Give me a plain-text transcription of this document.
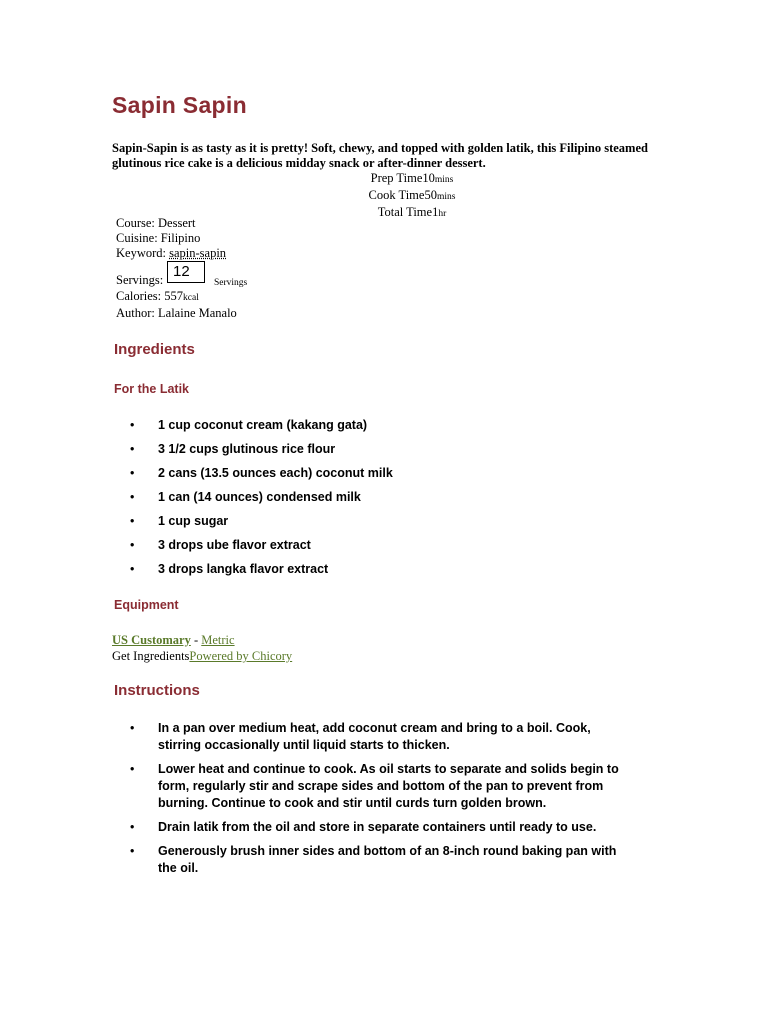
Sapin Sapin
Sapin-Sapin is as tasty as it is pretty! Soft, chewy, and topped with golden latik, this Filipino steamed glutinous rice cake is a delicious midday snack or after-dinner dessert.
Prep Time10mins
Cook Time50mins
Total Time1hr
Course: Dessert
Cuisine: Filipino
Keyword: sapin-sapin
Servings: 12
Servings
Calories: 557kcal
Author: Lalaine Manalo
Ingredients
For the Latik
• 1 cup coconut cream (kakang gata)
• 3 1/2 cups glutinous rice flour
• 2 cans (13.5 ounces each) coconut milk
• 1 can (14 ounces) condensed milk
• 1 cup sugar
• 3 drops ube flavor extract
• 3 drops langka flavor extract
Equipment
US Customary - Metric
Get IngredientsPowered by Chicory
Instructions
• In a pan over medium heat, add coconut cream and bring to a boil. Cook, stirring occasionally until liquid starts to thicken.
• Lower heat and continue to cook. As oil starts to separate and solids begin to form, regularly stir and scrape sides and bottom of the pan to prevent from burning. Continue to cook and stir until curds turn golden brown.
• Drain latik from the oil and store in separate containers until ready to use.
• Generously brush inner sides and bottom of an 8-inch round baking pan with the oil.
